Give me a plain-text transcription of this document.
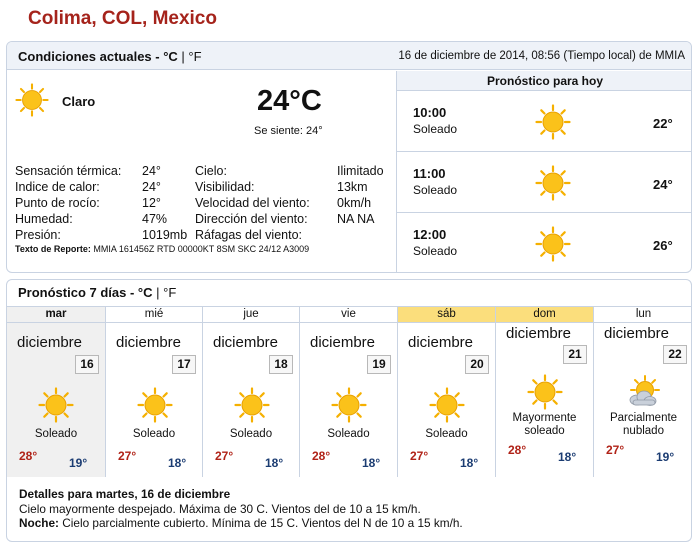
Colima, COL, Mexico
Condiciones actuales - °C | °F	16 de diciembre de 2014, 08:56 (Tiempo local) de MMIA
Claro	24°C
Se siente: 24°
Sensación térmica: 24°
Indice de calor:	24°
Punto de rocío:	12°
Humedad:	47%
Presión:	1019mb
Cielo:	Ilimitado
Visibilidad:	13km
Velocidad del viento: 0km/h
Dirección del viento: NA NA
Ráfagas del viento:
Texto de Reporte: MMIA 161456Z RTD 00000KT 8SM SKC 24/12 A3009
Pronóstico para hoy
10:00
Soleado	22°
11:00
Soleado	24°
12:00
Soleado	26°
Pronóstico 7 días - °C | °F
mar
diciembre
16
Soleado
28°	19°
mié
diciembre
17
Soleado
27°	18°
jue
diciembre
18
Soleado
27°	18°
vie
diciembre
19
Soleado
28°	18°
sáb
diciembre
20
Soleado
27°	18°
dom
diciembre
21
Mayormente
soleado
28°	18°
lun
diciembre
22
Parcialmente
nublado
27°	19°
Detalles para martes, 16 de diciembre
Cielo mayormente despejado. Máxima de 30 C. Vientos del de 10 a 15 km/h.
Noche: Cielo parcialmente cubierto. Mínima de 15 C. Vientos del N de 10 a 15 km/h.
